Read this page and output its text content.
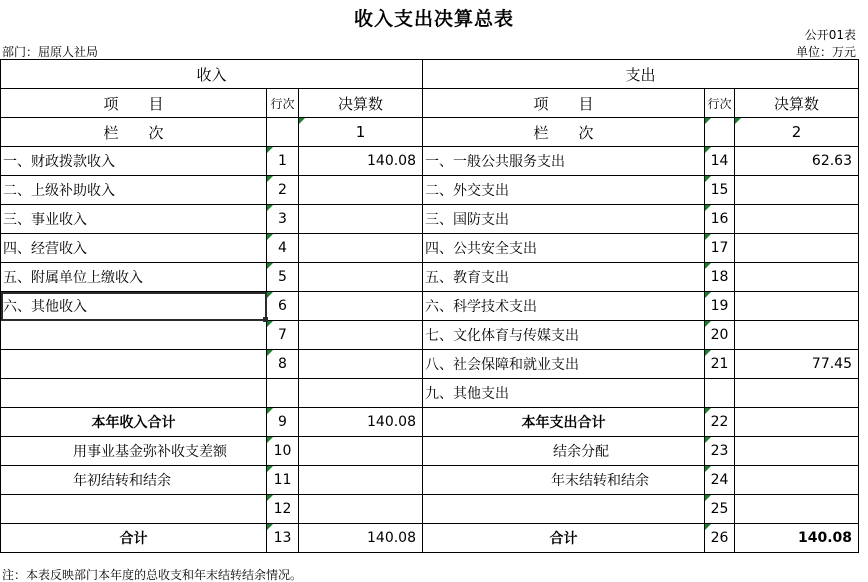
收入支出决算总表
公开01表
部门：屈原人社局	单位：万元
收入			支出		
项　　目	行次	决算数	项　　目	行次	决算数
栏　　次		1	栏　　次		2
一、财政拨款收入	1	140.08	一、一般公共服务支出	14	62.63
二、上级补助收入	2		二、外交支出	15	
三、事业收入	3		三、国防支出	16	
四、经营收入	4		四、公共安全支出	17	
五、附属单位上缴收入	5		五、教育支出	18	
六、其他收入	6		六、科学技术支出	19	
	7		七、文化体育与传媒支出	20	
	8		八、社会保障和就业支出	21	77.45
			九、其他支出		
本年收入合计	9	140.08	本年支出合计	22	
用事业基金弥补收支差额	10		结余分配	23	
年初结转和结余	11		年末结转和结余	24	
	12			25	
合计	13	140.08	合计	26	140.08
注：本表反映部门本年度的总收支和年末结转结余情况。
